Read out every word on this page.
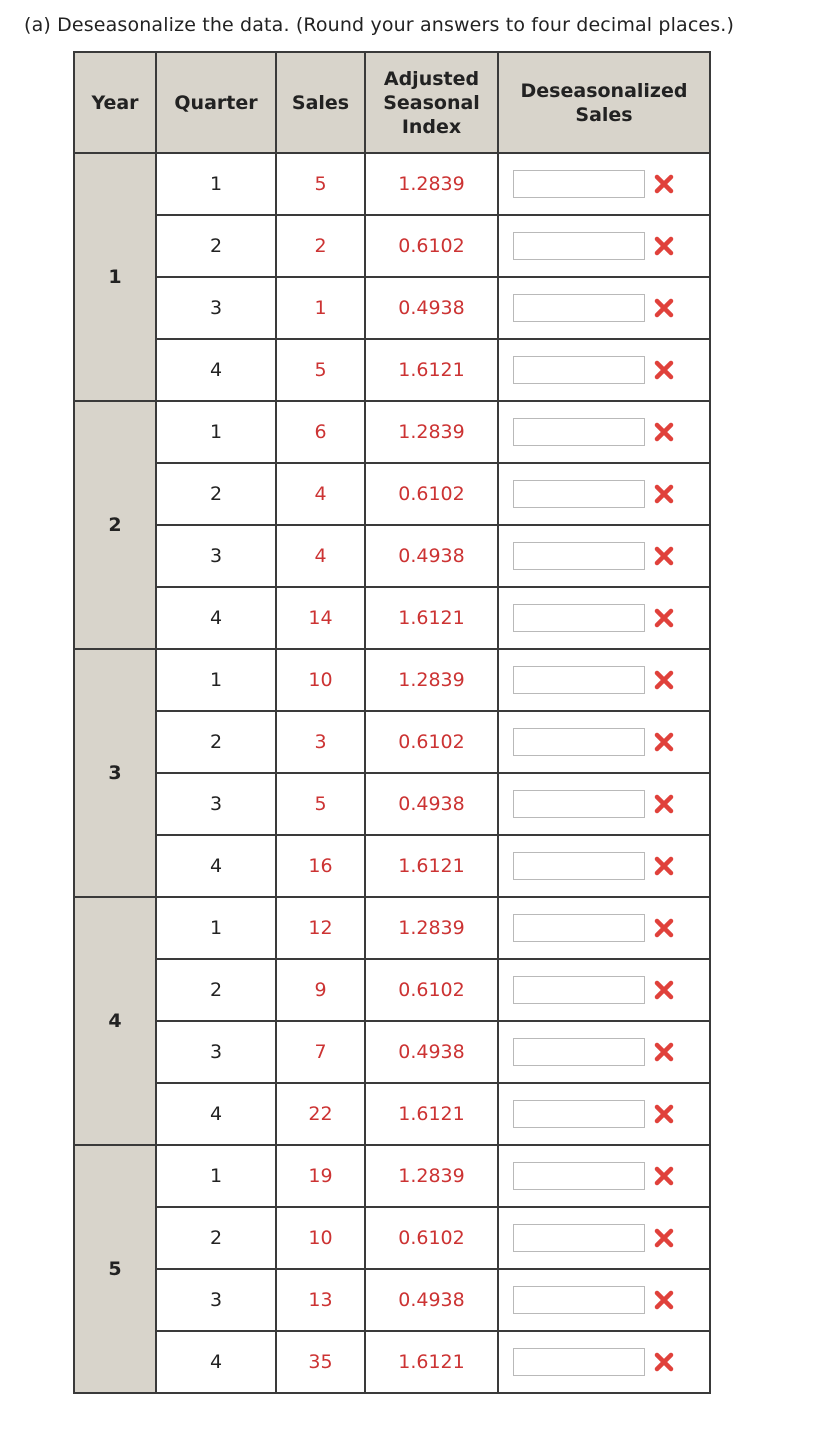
(a) Deseasonalize the data. (Round your answers to four decimal places.)
Year	Quarter	Sales	Adjusted Seasonal Index	Deseasonalized Sales
1	1	5	1.2839	

	2	2	0.6102	

	3	1	0.4938	

	4	5	1.6121	

2	1	6	1.2839	

	2	4	0.6102	

	3	4	0.4938	

	4	14	1.6121	

3	1	10	1.2839	

	2	3	0.6102	

	3	5	0.4938	

	4	16	1.6121	

4	1	12	1.2839	

	2	9	0.6102	

	3	7	0.4938	

	4	22	1.6121	

5	1	19	1.2839	

	2	10	0.6102	

	3	13	0.4938	

	4	35	1.6121	
